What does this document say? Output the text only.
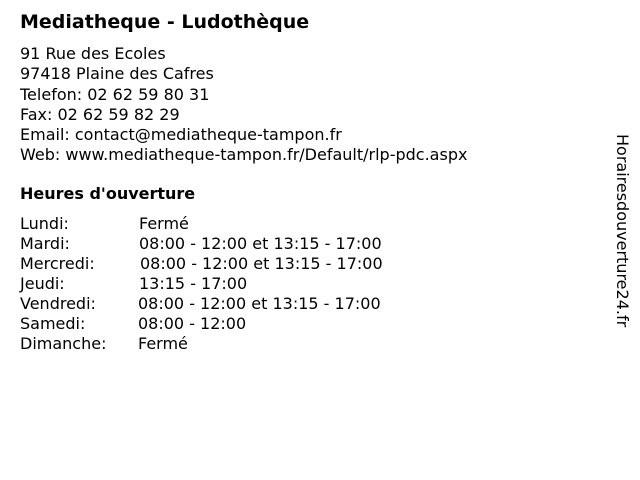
Mediatheque - Ludothèque
91 Rue des Ecoles
97418 Plaine des Cafres
Telefon: 02 62 59 80 31
Fax: 02 62 59 82 29
Email: contact@mediatheque-tampon.fr
Web: www.mediatheque-tampon.fr/Default/rlp-pdc.aspx
Heures d'ouverture
Lundi:	Fermé
Mardi:	08:00 - 12:00 et 13:15 - 17:00
Mercredi:	08:00 - 12:00 et 13:15 - 17:00
Jeudi:	13:15 - 17:00
Vendredi:	08:00 - 12:00 et 13:15 - 17:00
Samedi:	08:00 - 12:00
Dimanche: Fermé
Horairesdouverture24.fr
